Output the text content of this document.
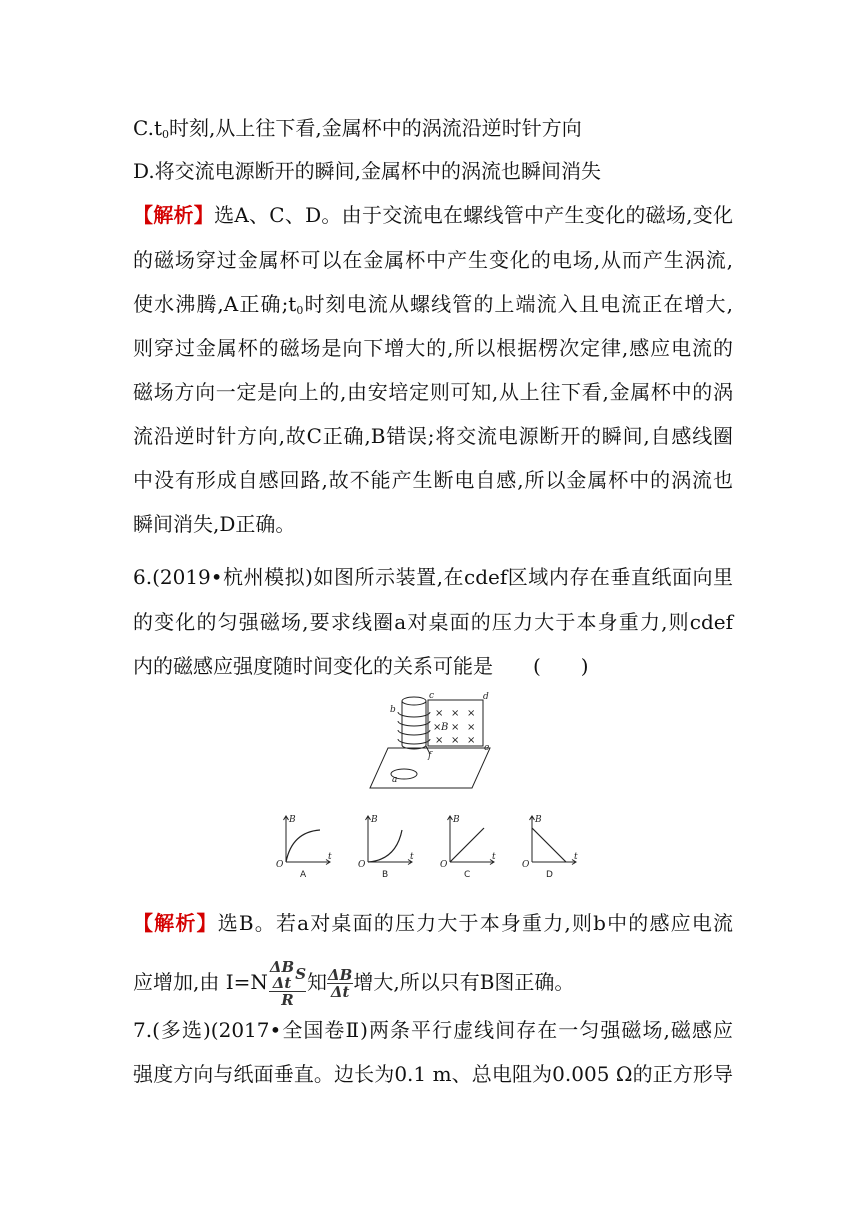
$C.t_0$时刻,从上往下看,金属杯中的涡流沿逆时针方向
D.将交流电源断开的瞬间,金属杯中的涡流也瞬间消失
【解析】选A、C、D。由于交流电在螺线管中产生变化的磁场,变化
的磁场穿过金属杯可以在金属杯中产生变化的电场,从而产生涡流,
使水沸腾,A正确$;t_0$时刻电流从螺线管的上端流入且电流正在增大,
则穿过金属杯的磁场是向下增大的,所以根据楞次定律,感应电流的
磁场方向一定是向上的,由安培定则可知,从上往下看,金属杯中的涡
流沿逆时针方向,故C正确,B错误;将交流电源断开的瞬间,自感线圈
中没有形成自感回路,故不能产生断电自感,所以金属杯中的涡流也
瞬间消失,D正确。
6.(2019•杭州模拟)如图所示装置,在cdef区域内存在垂直纸面向里
的变化的匀强磁场,要求线圈a对桌面的压力大于本身重力,则cdef
内的磁感应强度随时间变化的关系可能是 (　　)
b
c	d
e
f
a
× × ×
× B × ×
× × ×
B
t
O
A
B
t
O
B
B
t
O
C
B
t
O
D
【解析】选B。若a对桌面的压力大于本身重力,则b中的感应电流
应增加,由 I=N
ΔB
Δt S
R
知 $\frac{\Delta B}{\Delta t}$ 增大,所以只有B图正确。
7.(多选)(2017•全国卷Ⅱ)两条平行虚线间存在一匀强磁场,磁感应
强度方向与纸面垂直。边长为0.1 m、总电阻为0.005 Ω的正方形导
